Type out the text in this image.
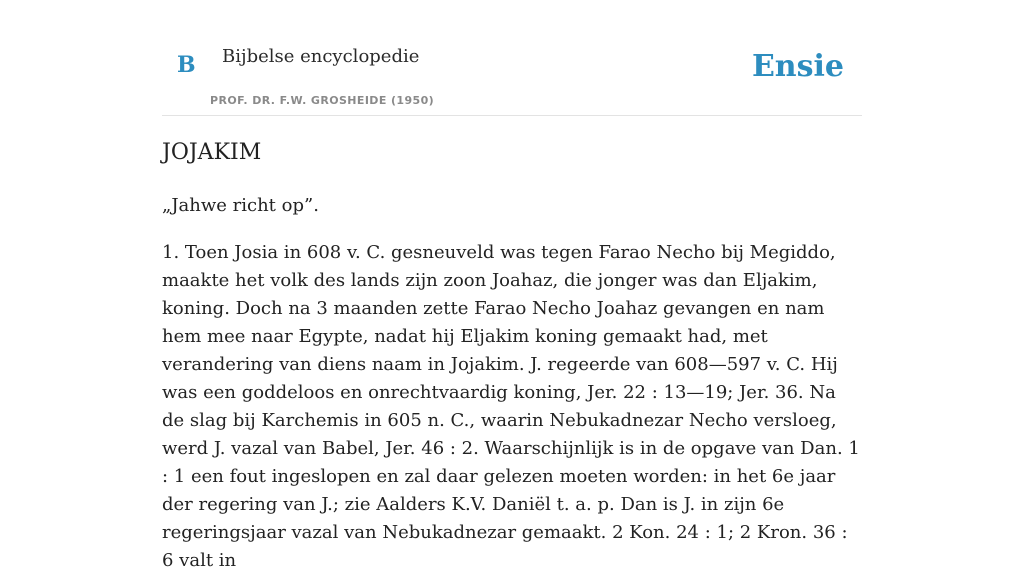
B Bijbelse encyclopedie
PROF. DR. F.W. GROSHEIDE (1950)
Ensie
JOJAKIM

„Jahwe richt op”.

1. Toen Josia in 608 v. C. gesneuveld was tegen Farao Necho bij Megiddo, maakte het volk des lands zijn zoon Joahaz, die jonger was dan Eljakim, koning. Doch na 3 maanden zette Farao Necho Joahaz gevangen en nam hem mee naar Egypte, nadat hij Eljakim koning gemaakt had, met verandering van diens naam in Jojakim. J. regeerde van 608—597 v. C. Hij was een goddeloos en onrechtvaardig koning, Jer. 22 : 13—19; Jer. 36. Na de slag bij Karchemis in 605 n. C., waarin Nebukadnezar Necho versloeg, werd J. vazal van Babel, Jer. 46 : 2. Waarschijnlijk is in de opgave van Dan. 1 : 1 een fout ingeslopen en zal daar gelezen moeten worden: in het 6e jaar der regering van J.; zie Aalders K.V. Daniël t. a. p. Dan is J. in zijn 6e regeringsjaar vazal van Nebukadnezar gemaakt. 2 Kon. 24 : 1; 2 Kron. 36 : 6 valt in
